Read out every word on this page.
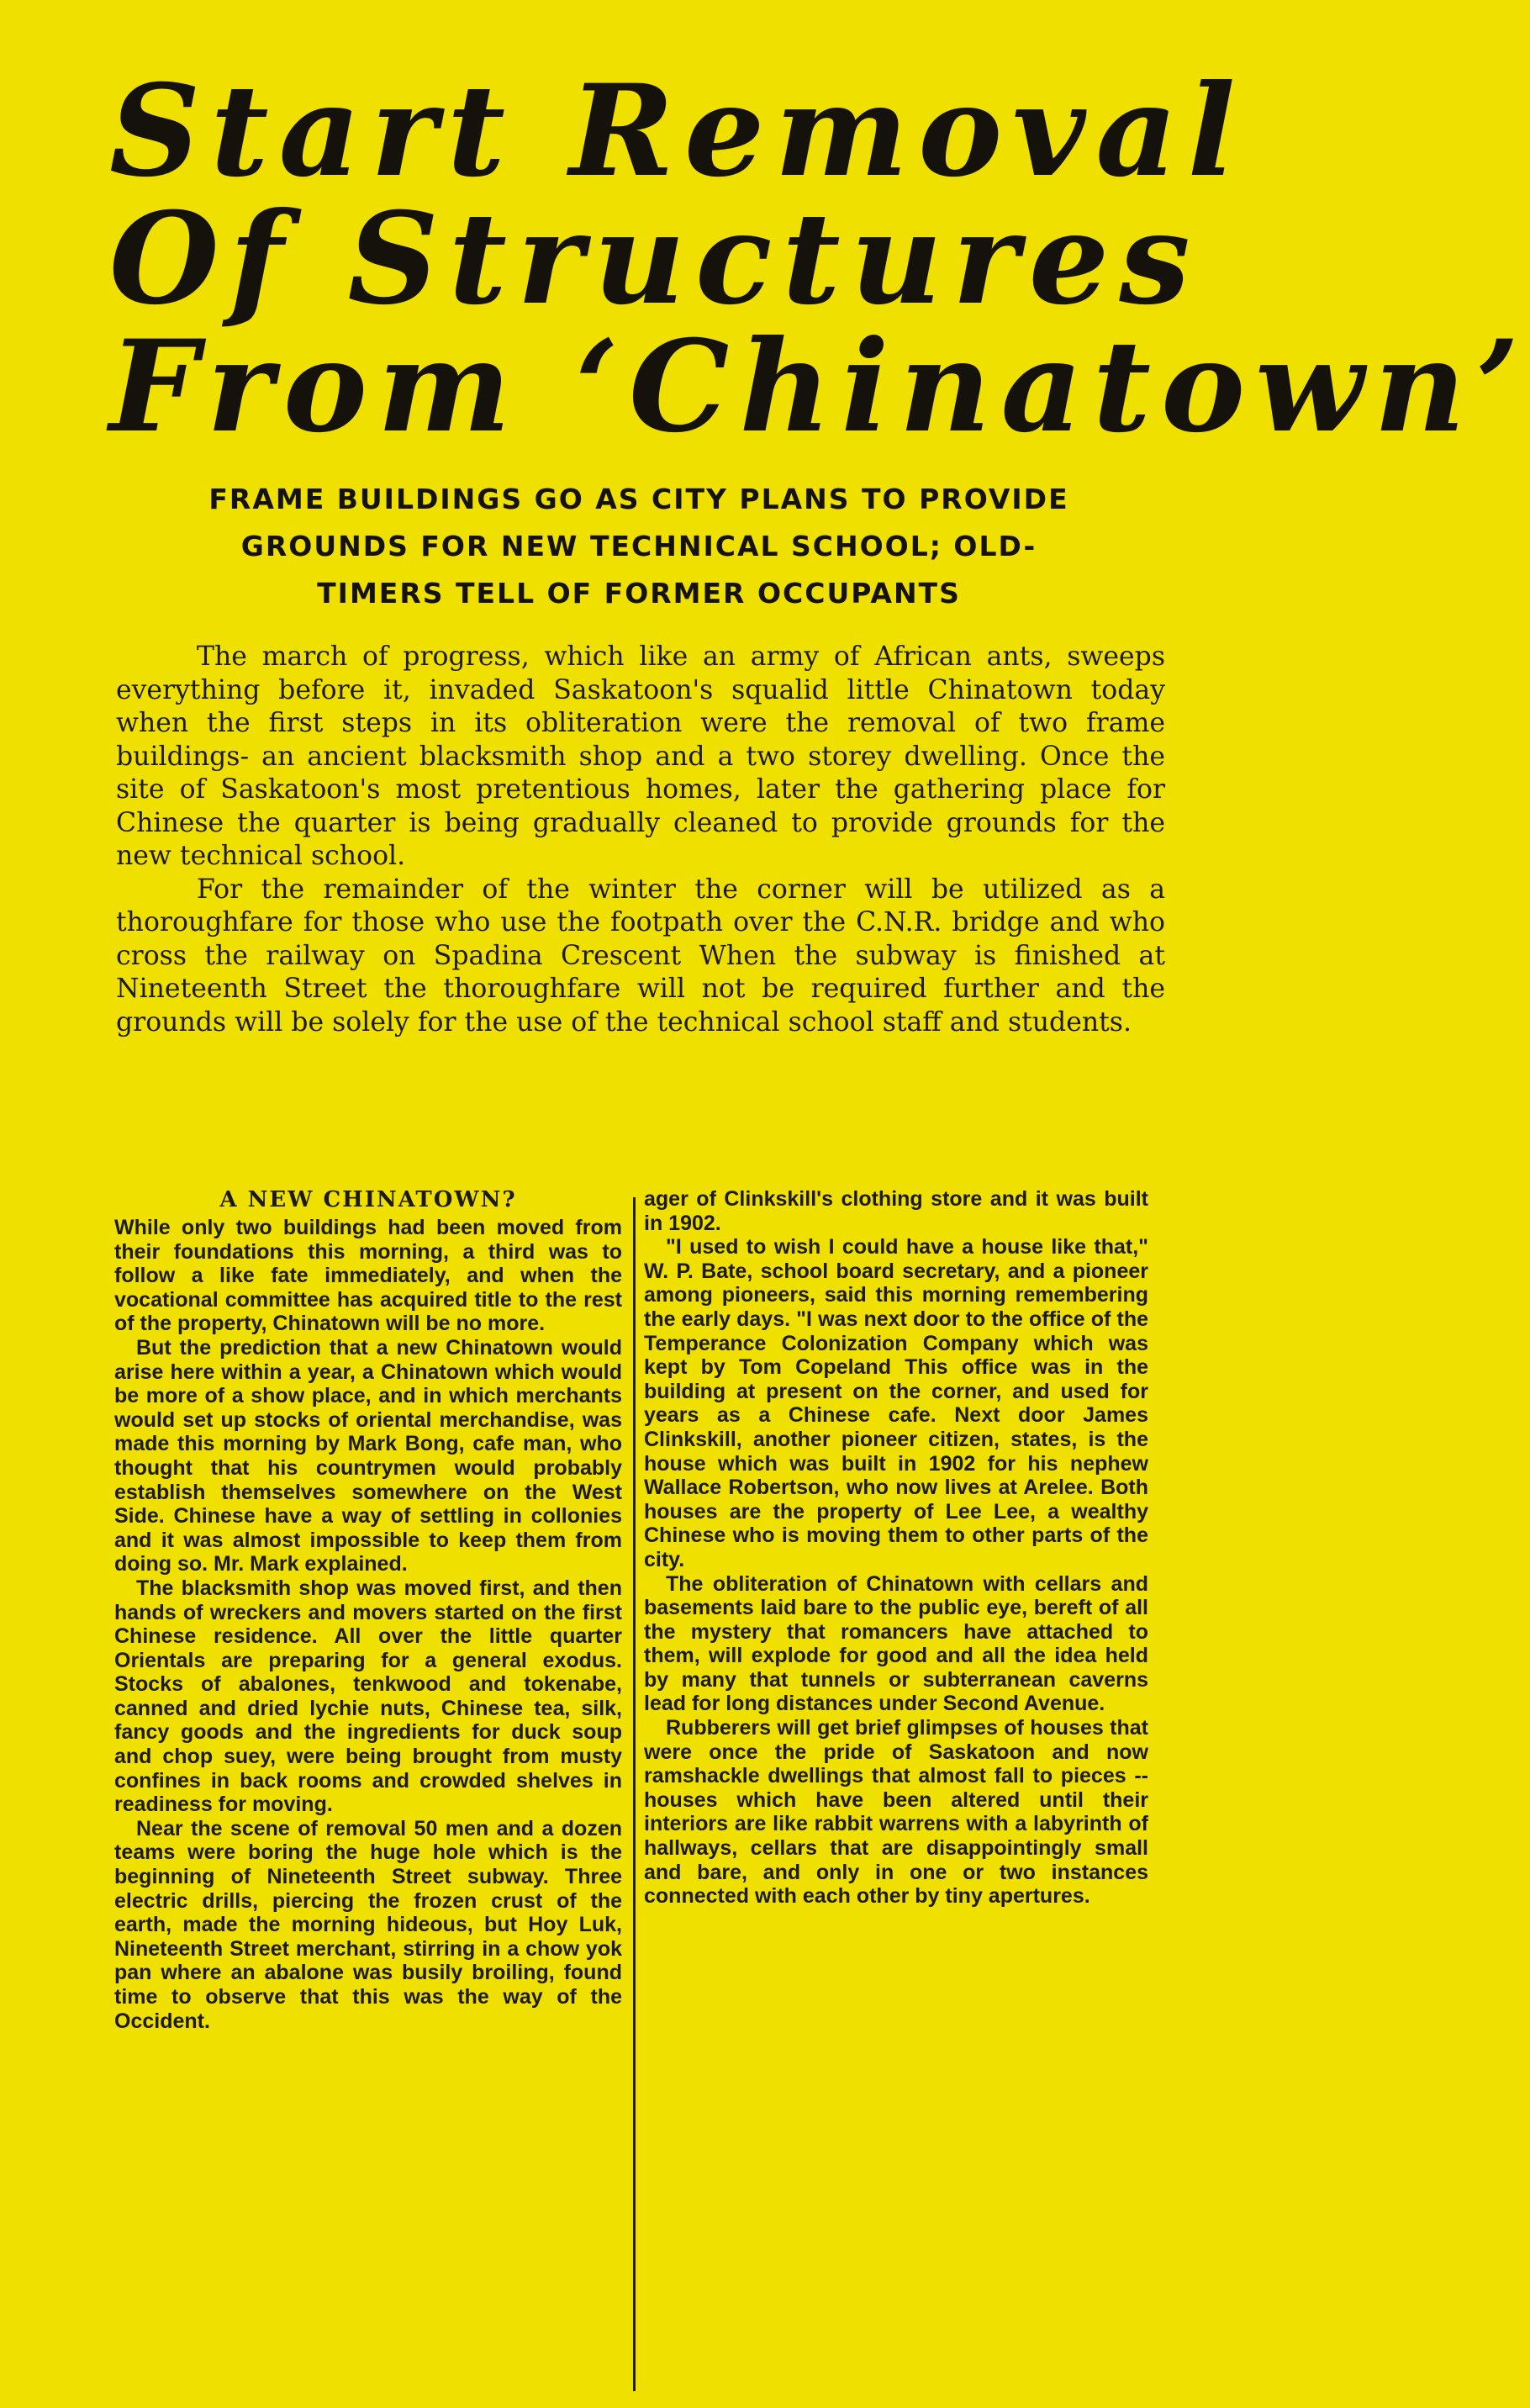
Start Removal
Of Structures
From ‘Chinatown’
FRAME BUILDINGS GO AS CITY PLANS TO PROVIDE
GROUNDS FOR NEW TECHNICAL SCHOOL; OLD-
TIMERS TELL OF FORMER OCCUPANTS

The march of progress, which like an army of African ants, sweeps everything before it, invaded Saskatoon's squalid little Chinatown today when the first steps in its obliteration were the removal of two frame buildings- an ancient blacksmith shop and a two storey dwelling. Once the site of Saskatoon's most pretentious homes, later the gathering place for Chinese the quarter is being gradually cleaned to provide grounds for the new technical school.

For the remainder of the winter the corner will be utilized as a thoroughfare for those who use the footpath over the C.N.R. bridge and who cross the railway on Spadina Crescent When the subway is finished at Nineteenth Street the thoroughfare will not be required further and the grounds will be solely for the use of the technical school staff and students.

A NEW CHINATOWN?

While only two buildings had been moved from their foundations this morning, a third was to follow a like fate immediately, and when the vocational committee has acquired title to the rest of the property, Chinatown will be no more.

But the prediction that a new Chinatown would arise here within a year, a Chinatown which would be more of a show place, and in which merchants would set up stocks of oriental merchandise, was made this morning by Mark Bong, cafe man, who thought that his countrymen would probably establish themselves somewhere on the West Side. Chinese have a way of settling in collonies and it was almost impossible to keep them from doing so. Mr. Mark explained.

The blacksmith shop was moved first, and then hands of wreckers and movers started on the first Chinese residence. All over the little quarter Orientals are preparing for a general exodus. Stocks of abalones, tenkwood and tokenabe, canned and dried lychie nuts, Chinese tea, silk, fancy goods and the ingredients for duck soup and chop suey, were being brought from musty confines in back rooms and crowded shelves in readiness for moving.

Near the scene of removal 50 men and a dozen teams were boring the huge hole which is the beginning of Nineteenth Street subway. Three electric drills, piercing the frozen crust of the earth, made the morning hideous, but Hoy Luk, Nineteenth Street merchant, stirring in a chow yok pan where an abalone was busily broiling, found time to observe that this was the way of the Occident.

ager of Clinkskill's clothing store and it was built in 1902.

"I used to wish I could have a house like that," W. P. Bate, school board secretary, and a pioneer among pioneers, said this morning remembering the early days. "I was next door to the office of the Temperance Colonization Company which was kept by Tom Copeland This office was in the building at present on the corner, and used for years as a Chinese cafe. Next door James Clinkskill, another pioneer citizen, states, is the house which was built in 1902 for his nephew Wallace Robertson, who now lives at Arelee. Both houses are the property of Lee Lee, a wealthy Chinese who is moving them to other parts of the city.

The obliteration of Chinatown with cellars and basements laid bare to the public eye, bereft of all the mystery that romancers have attached to them, will explode for good and all the idea held by many that tunnels or subterranean caverns lead for long distances under Second Avenue.

Rubberers will get brief glimpses of houses that were once the pride of Saskatoon and now ramshackle dwellings that almost fall to pieces --houses which have been altered until their interiors are like rabbit warrens with a labyrinth of hallways, cellars that are disappointingly small and bare, and only in one or two instances connected with each other by tiny apertures.
